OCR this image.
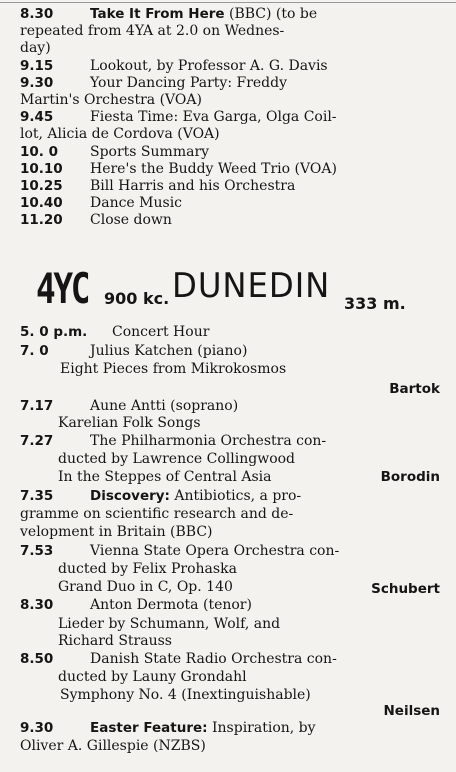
8.30	Take It From Here (BBC) (to be
repeated from 4YA at 2.0 on Wednes-
day)
9.15	Lookout, by Professor A. G. Davis
9.30	Your Dancing Party: Freddy
Martin's Orchestra (VOA)
9.45	Fiesta Time: Eva Garga, Olga Coil-
lot, Alicia de Cordova (VOA)
10. 0 Sports Summary
10.10 Here's the Buddy Weed Trio (VOA)
10.25 Bill Harris and his Orchestra
10.40 Dance Music
11.20 Close down
4YC 900 kc. DUNEDIN 333 m.
5. 0 p.m. Concert Hour
7. 0	Julius Katchen (piano)
Eight Pieces from Mikrokosmos
Bartok
7.17	Aune Antti (soprano)
Karelian Folk Songs
7.27	The Philharmonia Orchestra con-
ducted by Lawrence Collingwood
In the Steppes of Central Asia	Borodin
7.35	Discovery: Antibiotics, a pro-
gramme on scientific research and de-
velopment in Britain (BBC)
7.53	Vienna State Opera Orchestra con-
ducted by Felix Prohaska
Grand Duo in C, Op. 140	Schubert
8.30	Anton Dermota (tenor)
Lieder by Schumann, Wolf, and
Richard Strauss
8.50	Danish State Radio Orchestra con-
ducted by Launy Grondahl
Symphony No. 4 (Inextinguishable)
Neilsen
9.30	Easter Feature: Inspiration, by
Oliver A. Gillespie (NZBS)
